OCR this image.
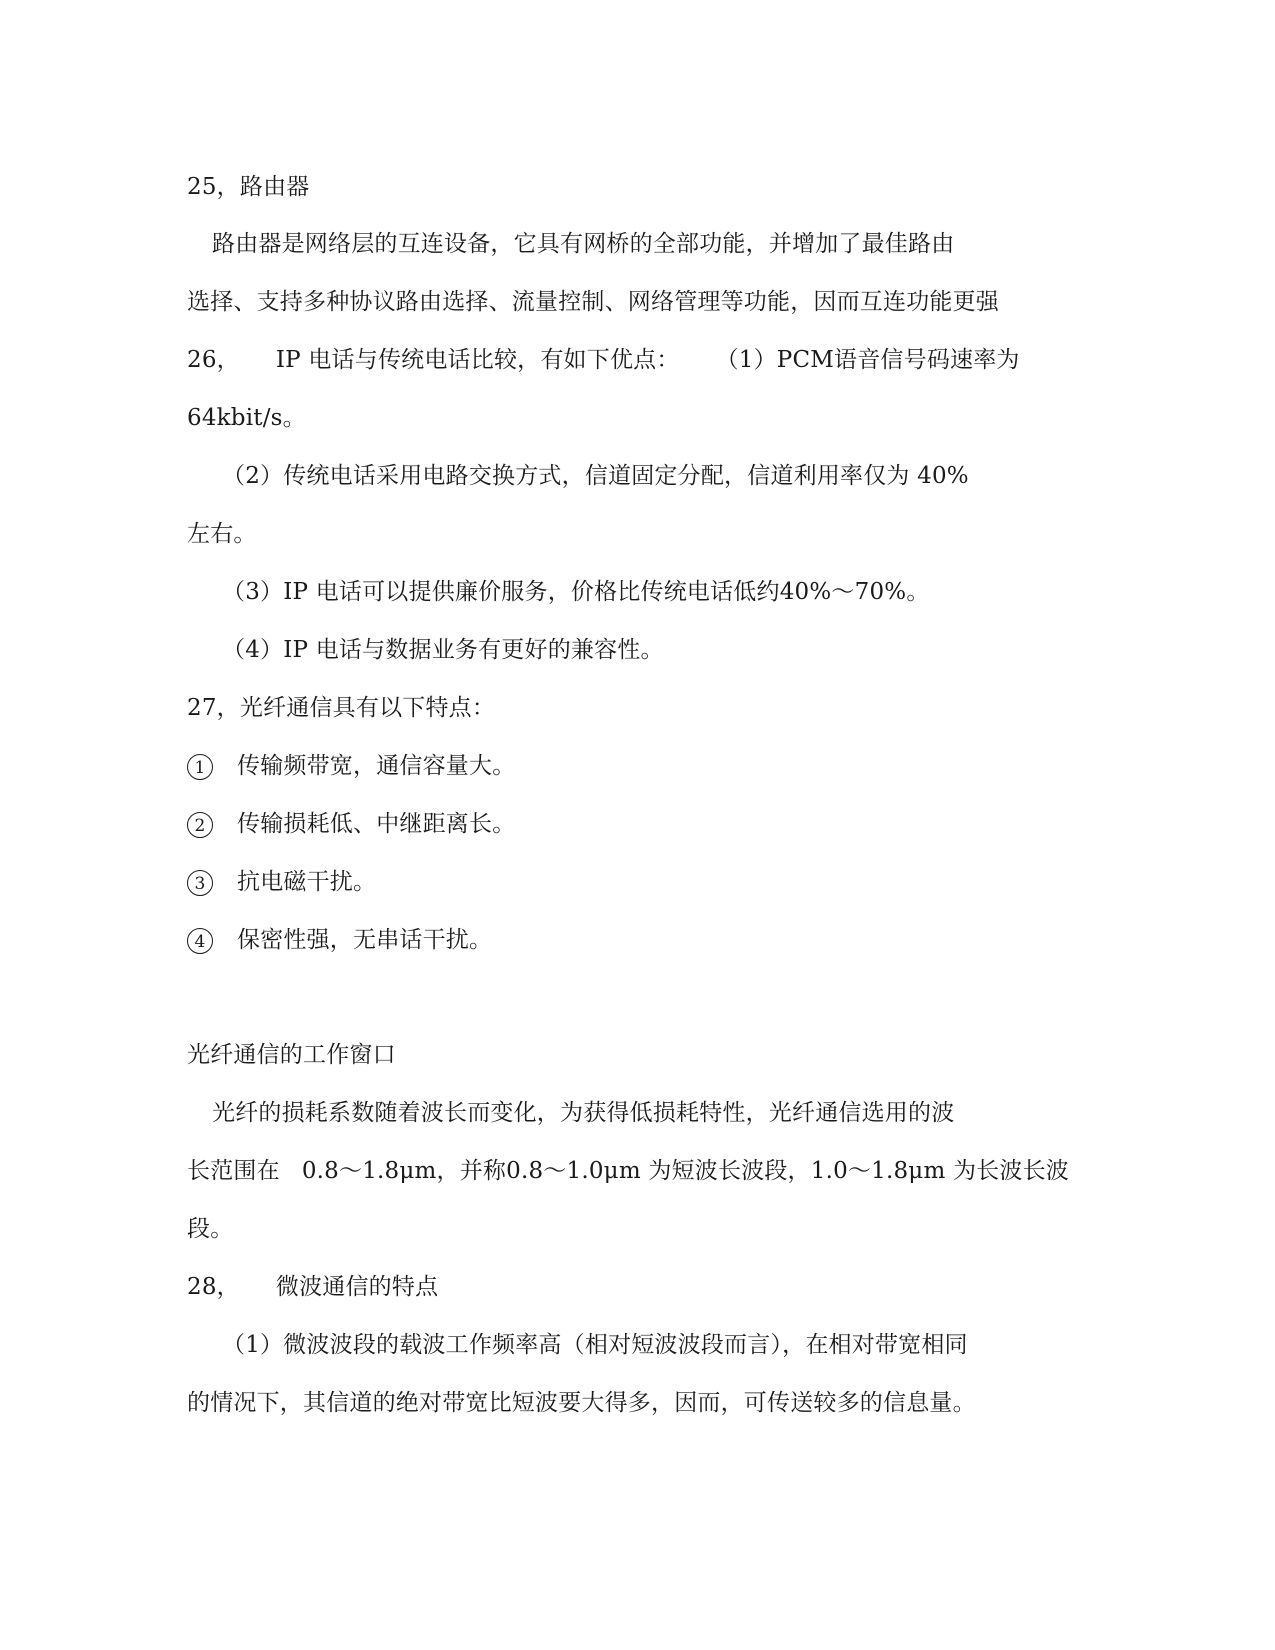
25，路由器
路由器是网络层的互连设备，它具有网桥的全部功能，并增加了最佳路由
选择、支持多种协议路由选择、流量控制、网络管理等功能，因而互连功能更强
26， IP 电话与传统电话比较，有如下优点： （1）PCM语音信号码速率为
64kbit/s。
（2）传统电话采用电路交换方式，信道固定分配，信道利用率仅为 40%
左右。
（3）IP 电话可以提供廉价服务，价格比传统电话低约40%～70%。
（4）IP 电话与数据业务有更好的兼容性。
27，光纤通信具有以下特点：
1 传输频带宽，通信容量大。
2 传输损耗低、中继距离长。
3 抗电磁干扰。
4 保密性强，无串话干扰。
光纤通信的工作窗口
光纤的损耗系数随着波长而变化，为获得低损耗特性，光纤通信选用的波
长范围在 0.8～1.8μm，并称0.8～1.0μm 为短波长波段，1.0～1.8μm 为长波长波
段。
28， 微波通信的特点
（1）微波波段的载波工作频率高（相对短波波段而言），在相对带宽相同
的情况下，其信道的绝对带宽比短波要大得多，因而，可传送较多的信息量。
